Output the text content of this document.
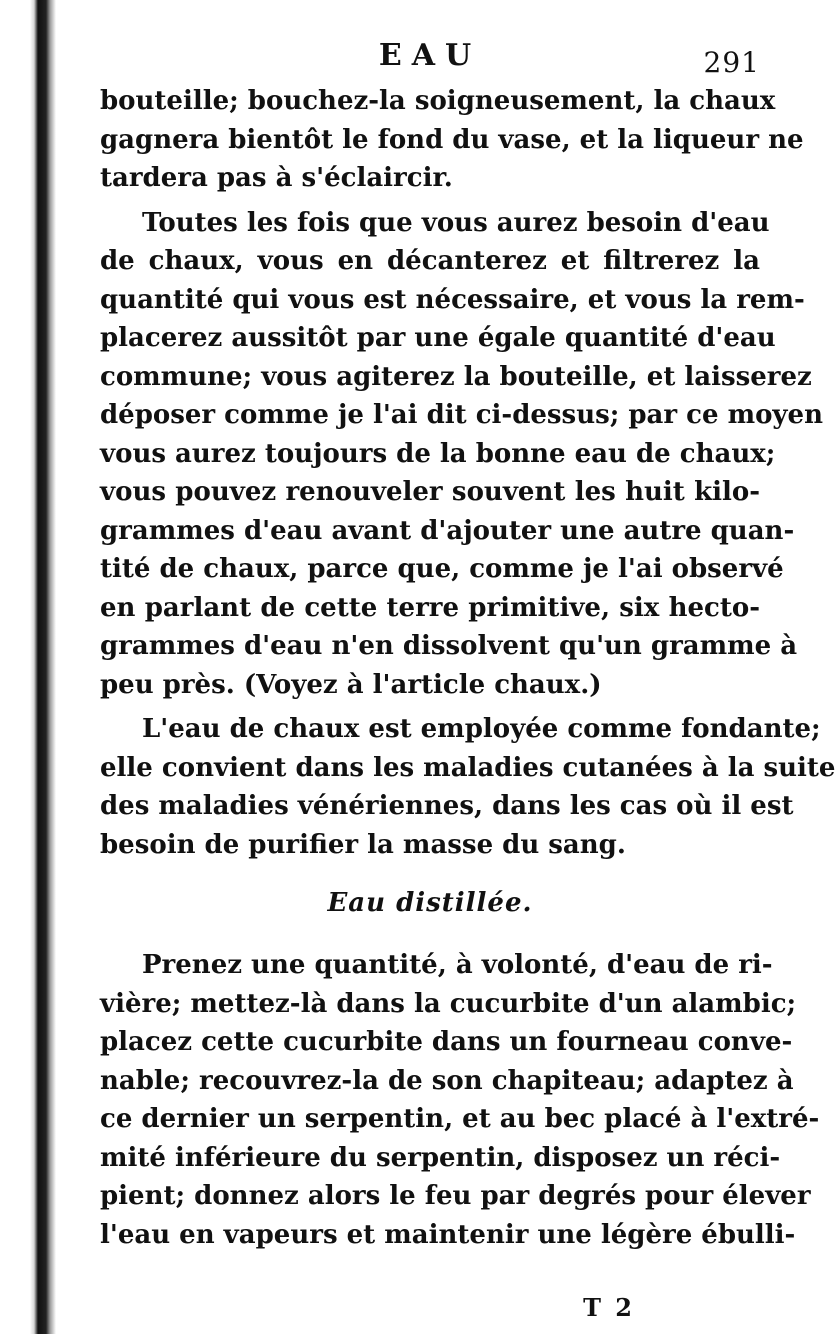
EAU	291
bouteille; bouchez-la soigneusement, la chaux
gagnera bientôt le fond du vase, et la liqueur ne
tardera pas à s'éclaircir.
Toutes les fois que vous aurez besoin d'eau
de chaux, vous en décanterez et filtrerez la
quantité qui vous est nécessaire, et vous la rem-
placerez aussitôt par une égale quantité d'eau
commune; vous agiterez la bouteille, et laisserez
déposer comme je l'ai dit ci-dessus; par ce moyen
vous aurez toujours de la bonne eau de chaux;
vous pouvez renouveler souvent les huit kilo-
grammes d'eau avant d'ajouter une autre quan-
tité de chaux, parce que, comme je l'ai observé
en parlant de cette terre primitive, six hecto-
grammes d'eau n'en dissolvent qu'un gramme à
peu près. (Voyez à l'article chaux.)
L'eau de chaux est employée comme fondante;
elle convient dans les maladies cutanées à la suite
des maladies vénériennes, dans les cas où il est
besoin de purifier la masse du sang.
Eau distillée.
Prenez une quantité, à volonté, d'eau de ri-
vière; mettez-là dans la cucurbite d'un alambic;
placez cette cucurbite dans un fourneau conve-
nable; recouvrez-la de son chapiteau; adaptez à
ce dernier un serpentin, et au bec placé à l'extré-
mité inférieure du serpentin, disposez un réci-
pient; donnez alors le feu par degrés pour élever
l'eau en vapeurs et maintenir une légère ébulli-
T 2
